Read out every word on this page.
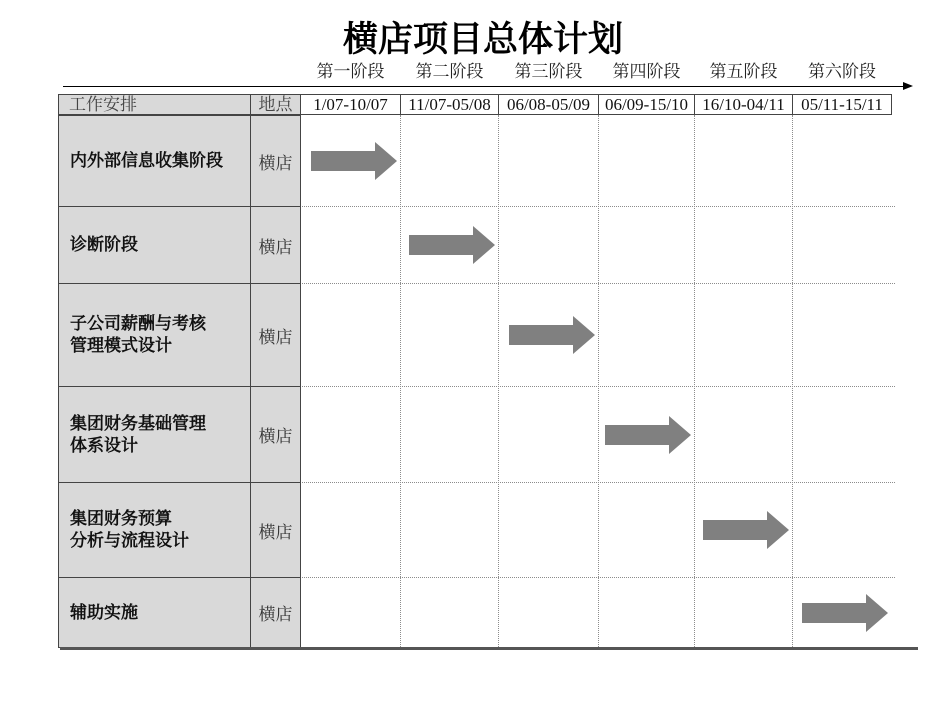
横店项目总体计划
第一阶段	第二阶段	第三阶段	第四阶段	第五阶段	第六阶段
工作安排	地点	1/07-10/07	11/07-05/08 06/08-05/09 06/09-15/10 16/10-04/11 05/11-15/11
内外部信息收集阶段	横店
诊断阶段	横店
子公司薪酬与考核
管理模式设计	横店
集团财务基础管理
体系设计	横店
集团财务预算
分析与流程设计	横店
辅助实施	横店
